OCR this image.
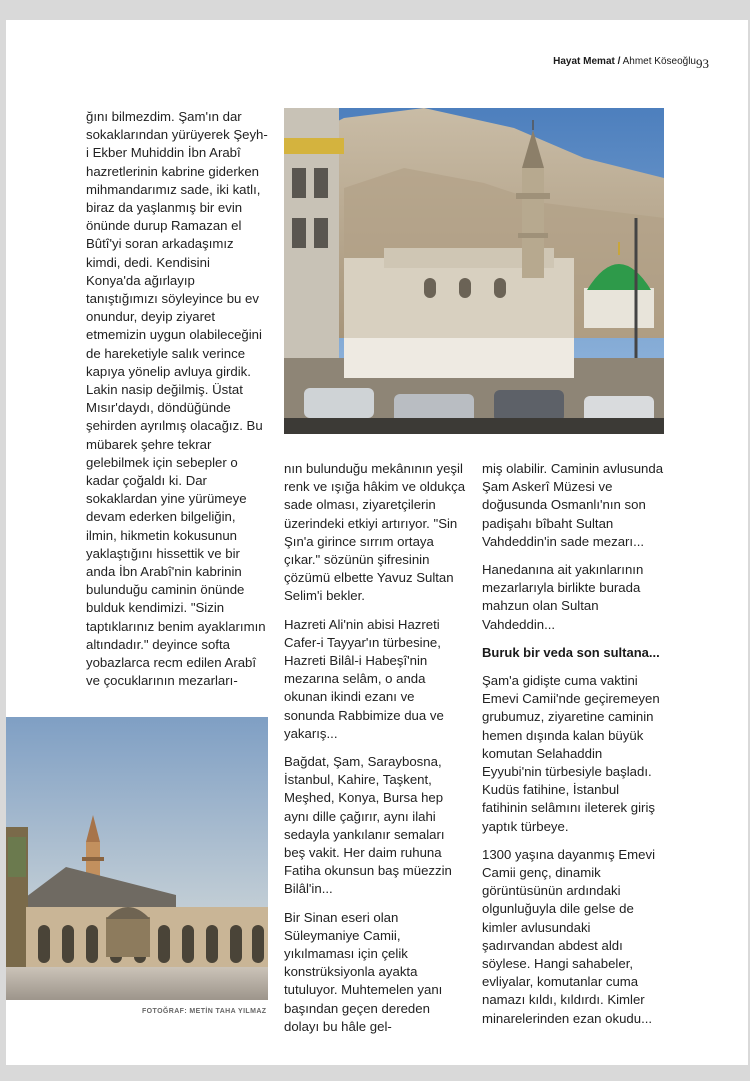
Hayat Memat / Ahmet Köseoğlu 93

ğını bilmezdim. Şam'ın dar sokaklarından yürüyerek Şeyh-i Ekber Muhiddin İbn Arabî hazretlerinin kabrine giderken mihmandarımız sade, iki katlı, biraz da yaşlanmış bir evin önünde durup Ramazan el Bûtî'yi soran arkadaşımız kimdi, dedi. Kendisini Konya'da ağırlayıp tanıştığımızı söyleyince bu ev onundur, deyip ziyaret etmemizin uygun olabileceğini de hareketiyle salık verince kapıya yönelip avluya girdik. Lakin nasip değilmiş. Üstat Mısır'daydı, döndüğünde şehirden ayrılmış olacağız. Bu mübarek şehre tekrar gelebilmek için sebepler o kadar çoğaldı ki. Dar sokaklardan yine yürümeye devam ederken bilgeliğin, ilmin, hikmetin kokusunun yaklaştığını hissettik ve bir anda İbn Arabî'nin kabrinin bulunduğu caminin önünde bulduk kendimizi. "Sizin taptıklarınız benim ayaklarımın altındadır." deyince softa yobazlarca recm edilen Arabî ve çocuklarının mezarları-

nın bulunduğu mekânının yeşil renk ve ışığa hâkim ve oldukça sade olması, ziyaretçilerin üzerindeki etkiyi artırıyor. "Sin Şın'a girince sırrım ortaya çıkar." sözünün şifresinin çözümü elbette Yavuz Sultan Selim'i bekler.

Hazreti Ali'nin abisi Hazreti Cafer-i Tayyar'ın türbesine, Hazreti Bilâl-i Habeşî'nin mezarına selâm, o anda okunan ikindi ezanı ve sonunda Rabbimize dua ve yakarış...

Bağdat, Şam, Saraybosna, İstanbul, Kahire, Taşkent, Meşhed, Konya, Bursa hep aynı dille çağırır, aynı ilahi sedayla yankılanır semaları beş vakit. Her daim ruhuna Fatiha okunsun baş müezzin Bilâl'in...

Bir Sinan eseri olan Süleymaniye Camii, yıkılmaması için çelik konstrüksiyonla ayakta tutuluyor. Muhtemelen yanı başından geçen dereden dolayı bu hâle gel-

miş olabilir. Caminin avlusunda Şam Askerî Müzesi ve doğusunda Osmanlı'nın son padişahı bîbaht Sultan Vahdeddin'in sade mezarı...

Hanedanına ait yakınlarının mezarlarıyla birlikte burada mahzun olan Sultan Vahdeddin...

Buruk bir veda son sultana...

Şam'a gidişte cuma vaktini Emevi Camii'nde geçiremeyen grubumuz, ziyaretine caminin hemen dışında kalan büyük komutan Selahaddin Eyyubi'nin türbesiyle başladı. Kudüs fatihine, İstanbul fatihinin selâmını ileterek giriş yaptık türbeye.

1300 yaşına dayanmış Emevi Camii genç, dinamik görüntüsünün ardındaki olgunluğuyla dile gelse de kimler avlusundaki şadırvandan abdest aldı söylese. Hangi sahabeler, evliyalar, komutanlar cuma namazı kıldı, kıldırdı. Kimler minarelerinden ezan okudu...

FOTOĞRAF: METİN TAHA YILMAZ
